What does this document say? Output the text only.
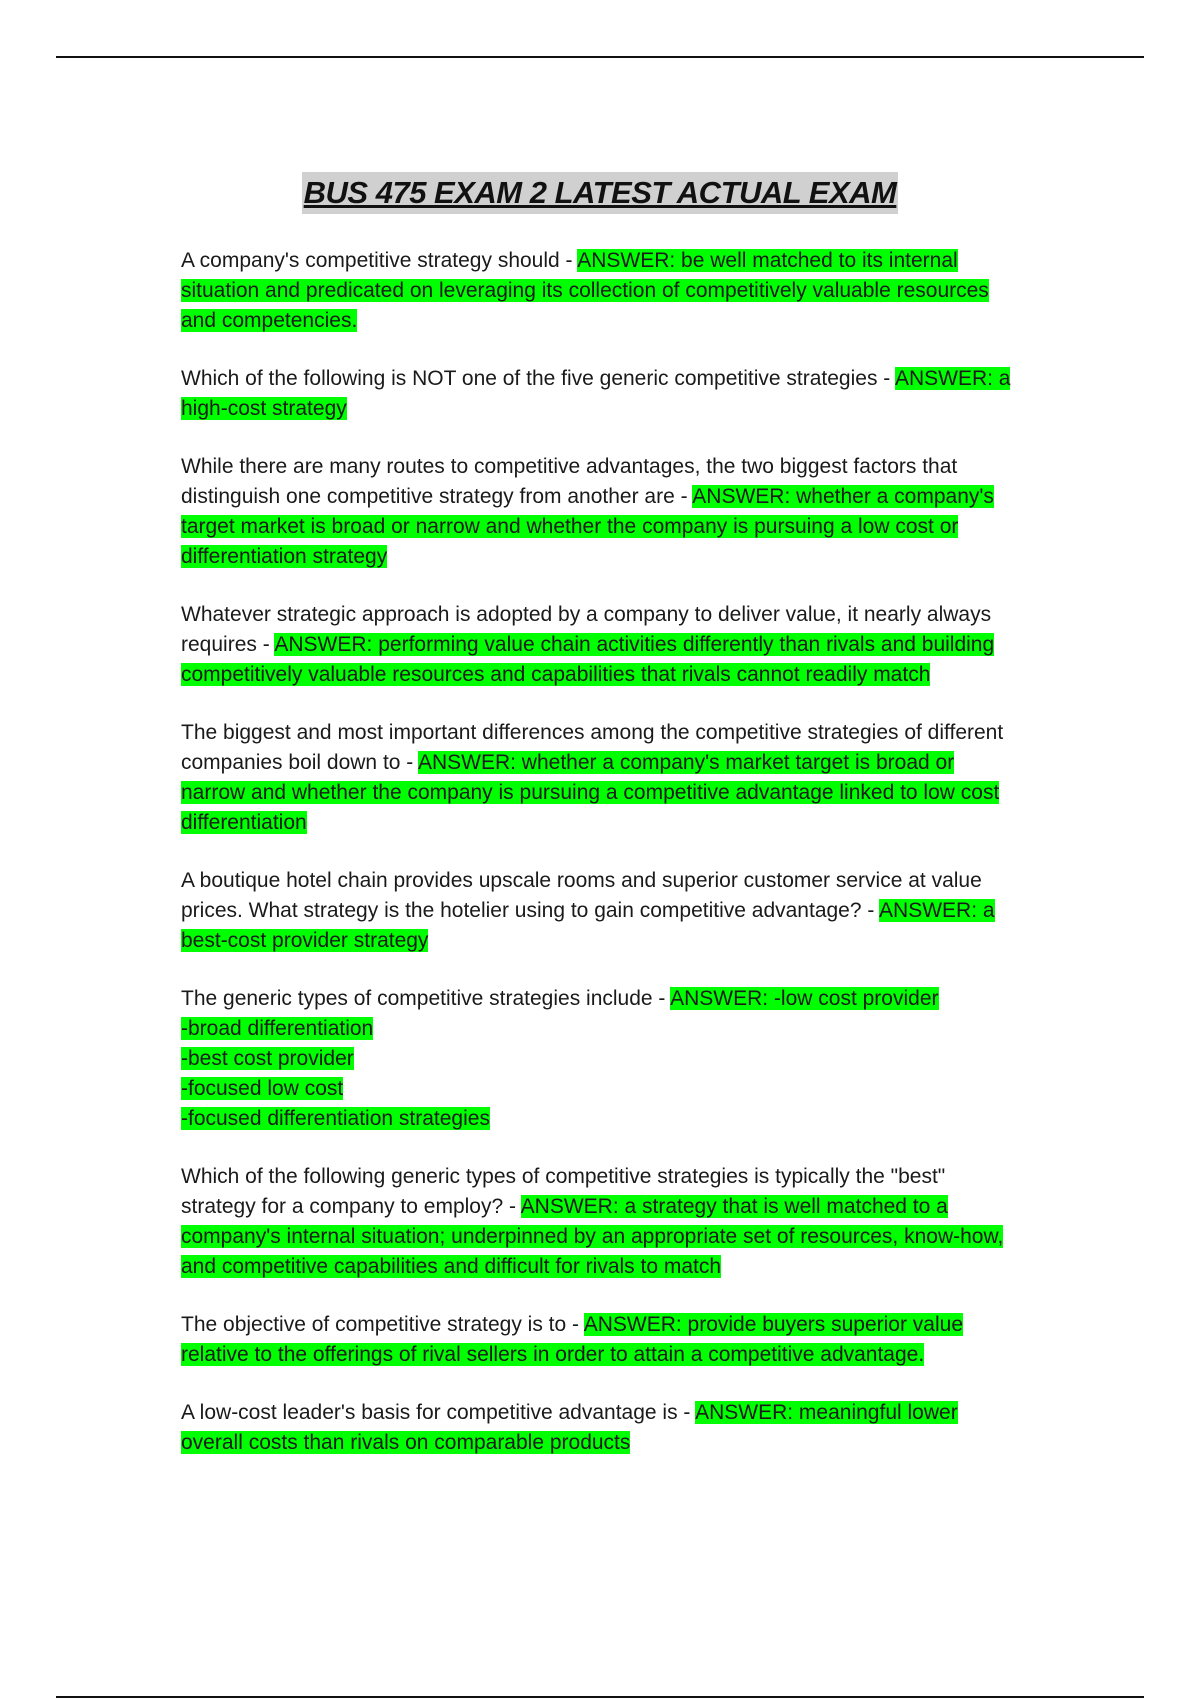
BUS 475 EXAM 2 LATEST ACTUAL EXAM

A company's competitive strategy should - ANSWER: be well matched to its internal situation and predicated on leveraging its collection of competitively valuable resources and competencies.

Which of the following is NOT one of the five generic competitive strategies - ANSWER: a high-cost strategy

While there are many routes to competitive advantages, the two biggest factors that distinguish one competitive strategy from another are - ANSWER: whether a company's target market is broad or narrow and whether the company is pursuing a low cost or differentiation strategy

Whatever strategic approach is adopted by a company to deliver value, it nearly always requires - ANSWER: performing value chain activities differently than rivals and building competitively valuable resources and capabilities that rivals cannot readily match

The biggest and most important differences among the competitive strategies of different companies boil down to - ANSWER: whether a company's market target is broad or narrow and whether the company is pursuing a competitive advantage linked to low cost differentiation

A boutique hotel chain provides upscale rooms and superior customer service at value prices. What strategy is the hotelier using to gain competitive advantage? - ANSWER: a best-cost provider strategy

The generic types of competitive strategies include - ANSWER: -low cost provider
-broad differentiation
-best cost provider
-focused low cost
-focused differentiation strategies

Which of the following generic types of competitive strategies is typically the "best" strategy for a company to employ? - ANSWER: a strategy that is well matched to a company's internal situation; underpinned by an appropriate set of resources, know-how, and competitive capabilities and difficult for rivals to match

The objective of competitive strategy is to - ANSWER: provide buyers superior value relative to the offerings of rival sellers in order to attain a competitive advantage.

A low-cost leader's basis for competitive advantage is - ANSWER: meaningful lower overall costs than rivals on comparable products
